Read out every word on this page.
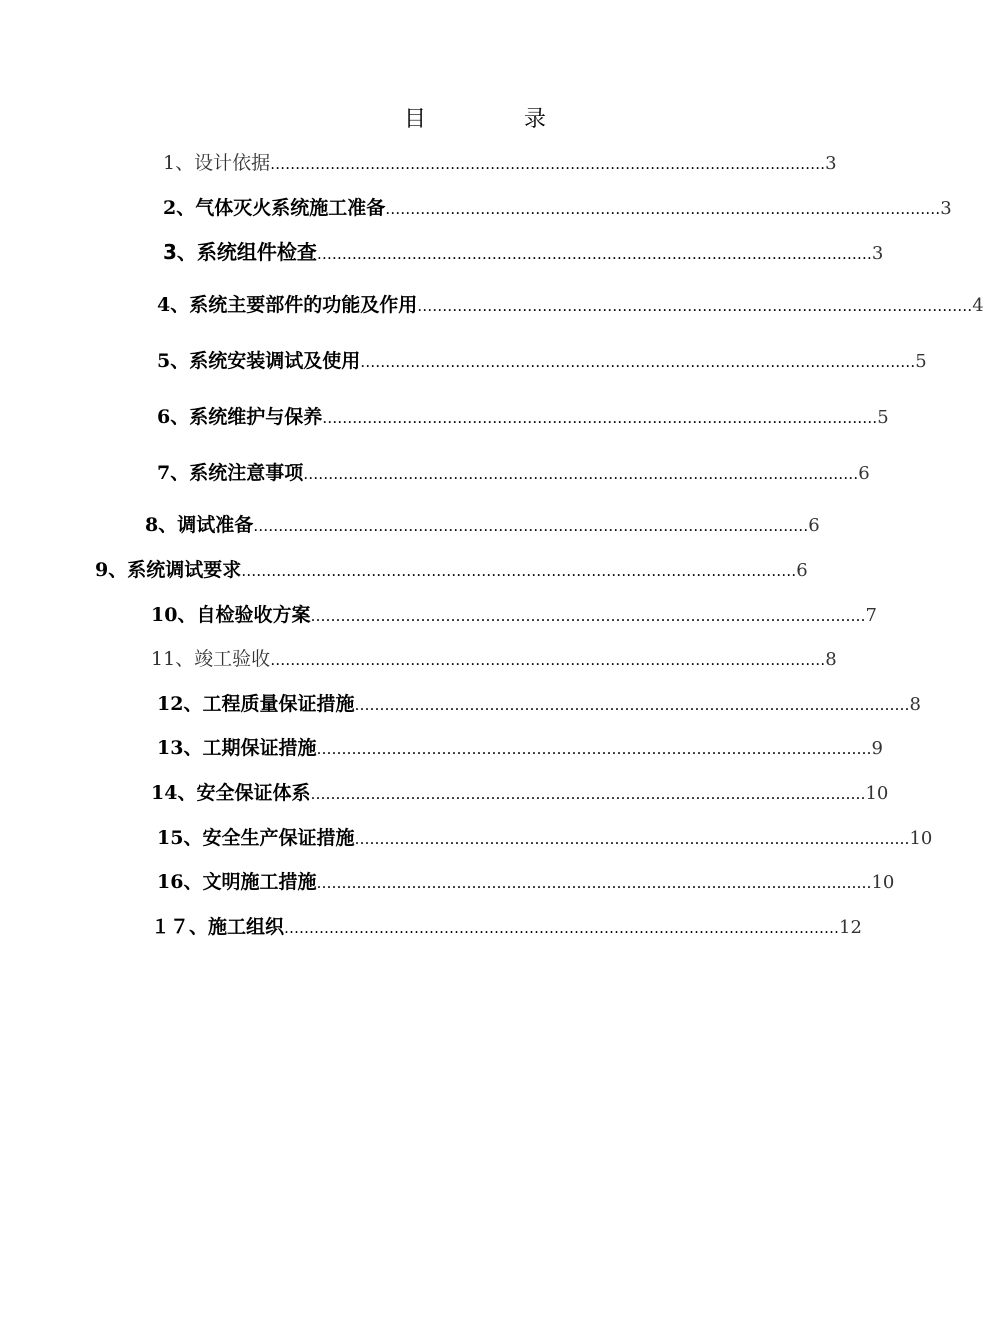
目　录
1、设计依据 ………………………………………………………………………………………………… 3
2、气体灭火系统施工准备 ………………………………………………………………………………………………… 3
3、系统组件检查 ………………………………………………………………………………………………… 3
4、系统主要部件的功能及作用 ………………………………………………………………………………………………… 4
5、系统安装调试及使用 ………………………………………………………………………………………………… 5
6、系统维护与保养 ………………………………………………………………………………………………… 5
7、系统注意事项 ………………………………………………………………………………………………… 6
8、调试准备 ………………………………………………………………………………………………… 6
9、系统调试要求 ………………………………………………………………………………………………… 6
10、自检验收方案 ………………………………………………………………………………………………… 7
11、竣工验收 ………………………………………………………………………………………………… 8
12、工程质量保证措施 ………………………………………………………………………………………………… 8
13、工期保证措施 ………………………………………………………………………………………………… 9
14、安全保证体系 ………………………………………………………………………………………………… 10
15、安全生产保证措施 ………………………………………………………………………………………………… 10
16、文明施工措施 ………………………………………………………………………………………………… 10
１７、施工组织 ………………………………………………………………………………………………… 12
